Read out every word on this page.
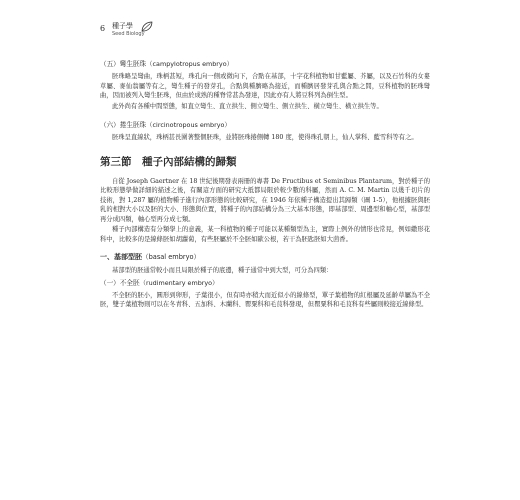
6 種子學
Seed Biology

（五）彎生胚珠（campylotropus embryo）

胚珠略呈彎曲，珠柄甚短，珠孔向一側或微向下，合點在基部，十字花科植物如甘藍屬、芥屬，以及石竹科的女婁草屬、麥仙翁屬等有之，彎生種子的發芽孔，合點與種臍略為接近，而種臍居發芽孔與合點之間，豆科植物的胚珠彎曲，因而被列入彎生胚珠，但由於成熟的種脊常甚為發達，因此亦有人將豆科列為倒生型。

此外尚有各種中間型態，如直立彎生、直立拱生、側立彎生、側立拱生、橫立彎生、橫立拱生等。

（六）捲生胚珠（circinotropous embryo）

胚珠呈直線狀，珠柄甚長圍著整個胚珠，並將胚珠捲側轉 180 度，使得珠孔朝上，仙人掌科、藍雪科等有之。

第三節　種子內部結構的歸類

自從 Joseph Gaertner 在 18 世紀後期發表兩冊的專書 De Fructibus et Seminibus Plantarum，對於種子的比較形態學做詳細的描述之後，有關這方面的研究大抵都局限於較少數的科屬，然而 A. C. M. Martin 以幾千切片的技術，對 1,287 屬的植物種子進行內部形態的比較研究，在 1946 年依種子構造提出其歸類（圖 1-5），他根據胚與胚乳的相對大小以及胚的大小、形態與位置，將種子的內部結構分為三大基本形態，即基部型、周邊型和軸心型，基部型再分成四類，軸心型再分成七類。

種子內部構造有分類學上的意義，某一科植物的種子可能以某種類型為主，實際上例外的情形也常見，例如繖形花科中，比較多的是線條胚如胡蘿蔔，有些胚屬於不全胚如歐公根，若干為胚匙胚如大茴香。

一、基部型胚（basal embryo）

基部型的胚通常較小而且局限於種子的底邊，種子通常中到大型，可分為四類：

（一）不全胚（rudimentary embryo）

不全胚的胚小，圓形到卵形，子葉很小，但有時亦稍大而近似小的線條型，單子葉植物的紅根屬及延齡草屬為不全胚，雙子葉植物則可以在冬青科、五加科、木蘭科、罌粟科和毛茛科發現，但罌粟科和毛茛科有些屬則較接近線條型。
